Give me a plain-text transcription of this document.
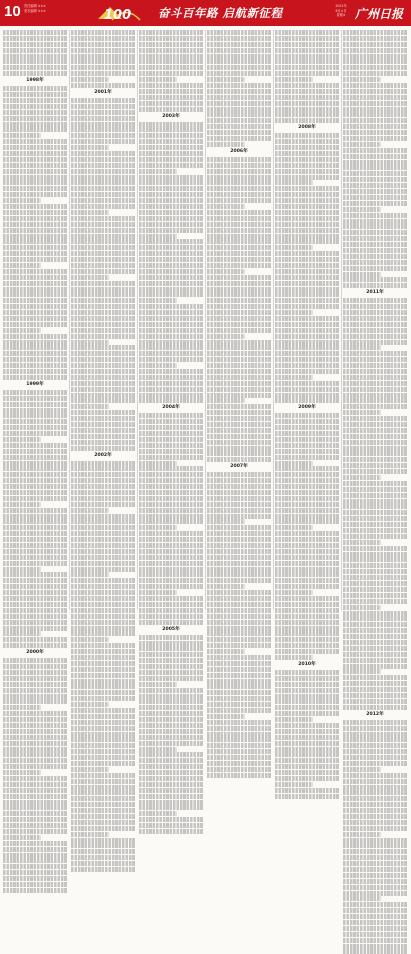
10 责任编辑 ×××
美术编辑 ×××	100 奋斗百年路 启航新征程	2021年
6月×日
星期× 广州日报
1998年
1999年
2000年
2001年
2002年
2003年
2004年
2005年
2006年
2007年
2008年
2009年
2010年
2011年
2012年
